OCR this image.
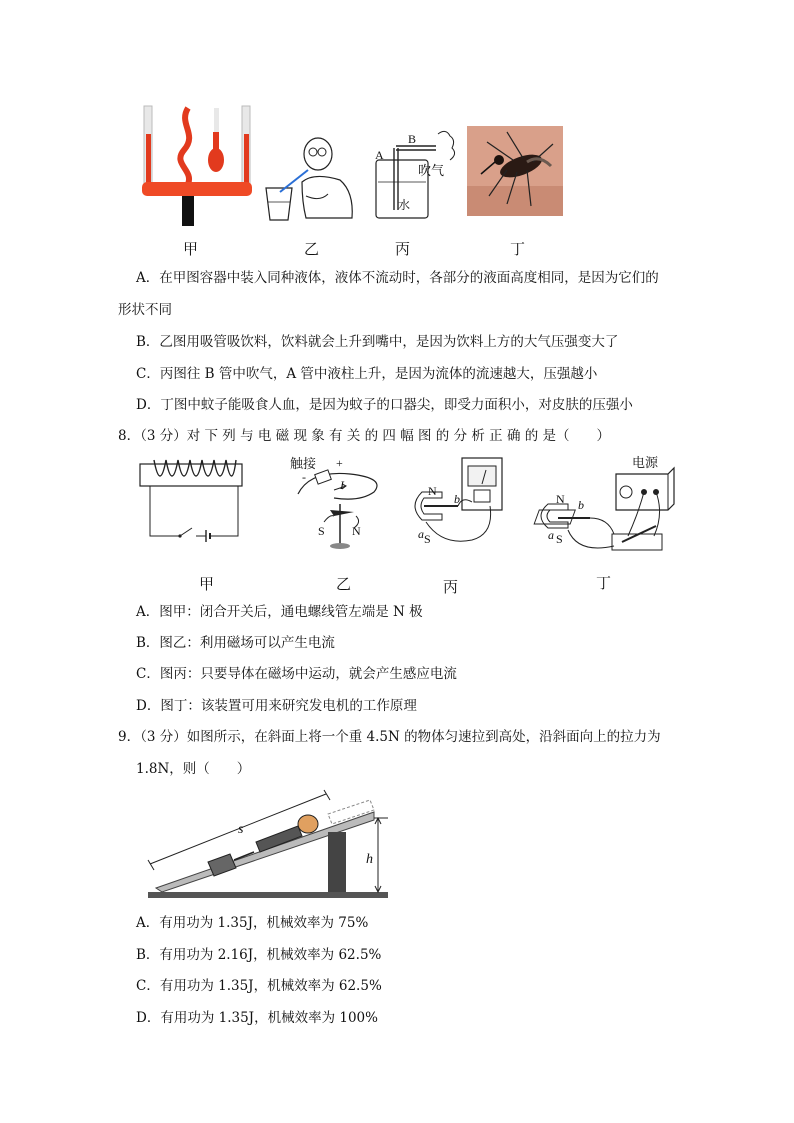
A
B
吹气
水
甲	乙	丙	丁
A．在甲图容器中装入同种液体，液体不流动时，各部分的液面高度相同，是因为它们的
形状不同
B．乙图用吸管吸饮料，饮料就会上升到嘴中，是因为饮料上方的大气压强变大了
C．丙图往 B 管中吹气，A 管中液柱上升，是因为流体的流速越大，压强越小
D．丁图中蚊子能吸食人血，是因为蚊子的口器尖，即受力面积小，对皮肤的压强小
8．（3 分）对 下 列 与 电 磁 现 象 有 关 的 四 幅 图 的 分 析 正 确 的 是（　　）
触接 +
-
I
S N
N
S
a
b
电源
N
S
a
b
甲	乙	丙	丁
A．图甲：闭合开关后，通电螺线管左端是 N 极
B．图乙：利用磁场可以产生电流
C．图丙：只要导体在磁场中运动，就会产生感应电流
D．图丁：该装置可用来研究发电机的工作原理
9．（3 分）如图所示，在斜面上将一个重 4.5N 的物体匀速拉到高处，沿斜面向上的拉力为
1.8N，则（　　）
s
h
A．有用功为 1.35J，机械效率为 75%
B．有用功为 2.16J，机械效率为 62.5%
C．有用功为 1.35J，机械效率为 62.5%
D．有用功为 1.35J，机械效率为 100%
